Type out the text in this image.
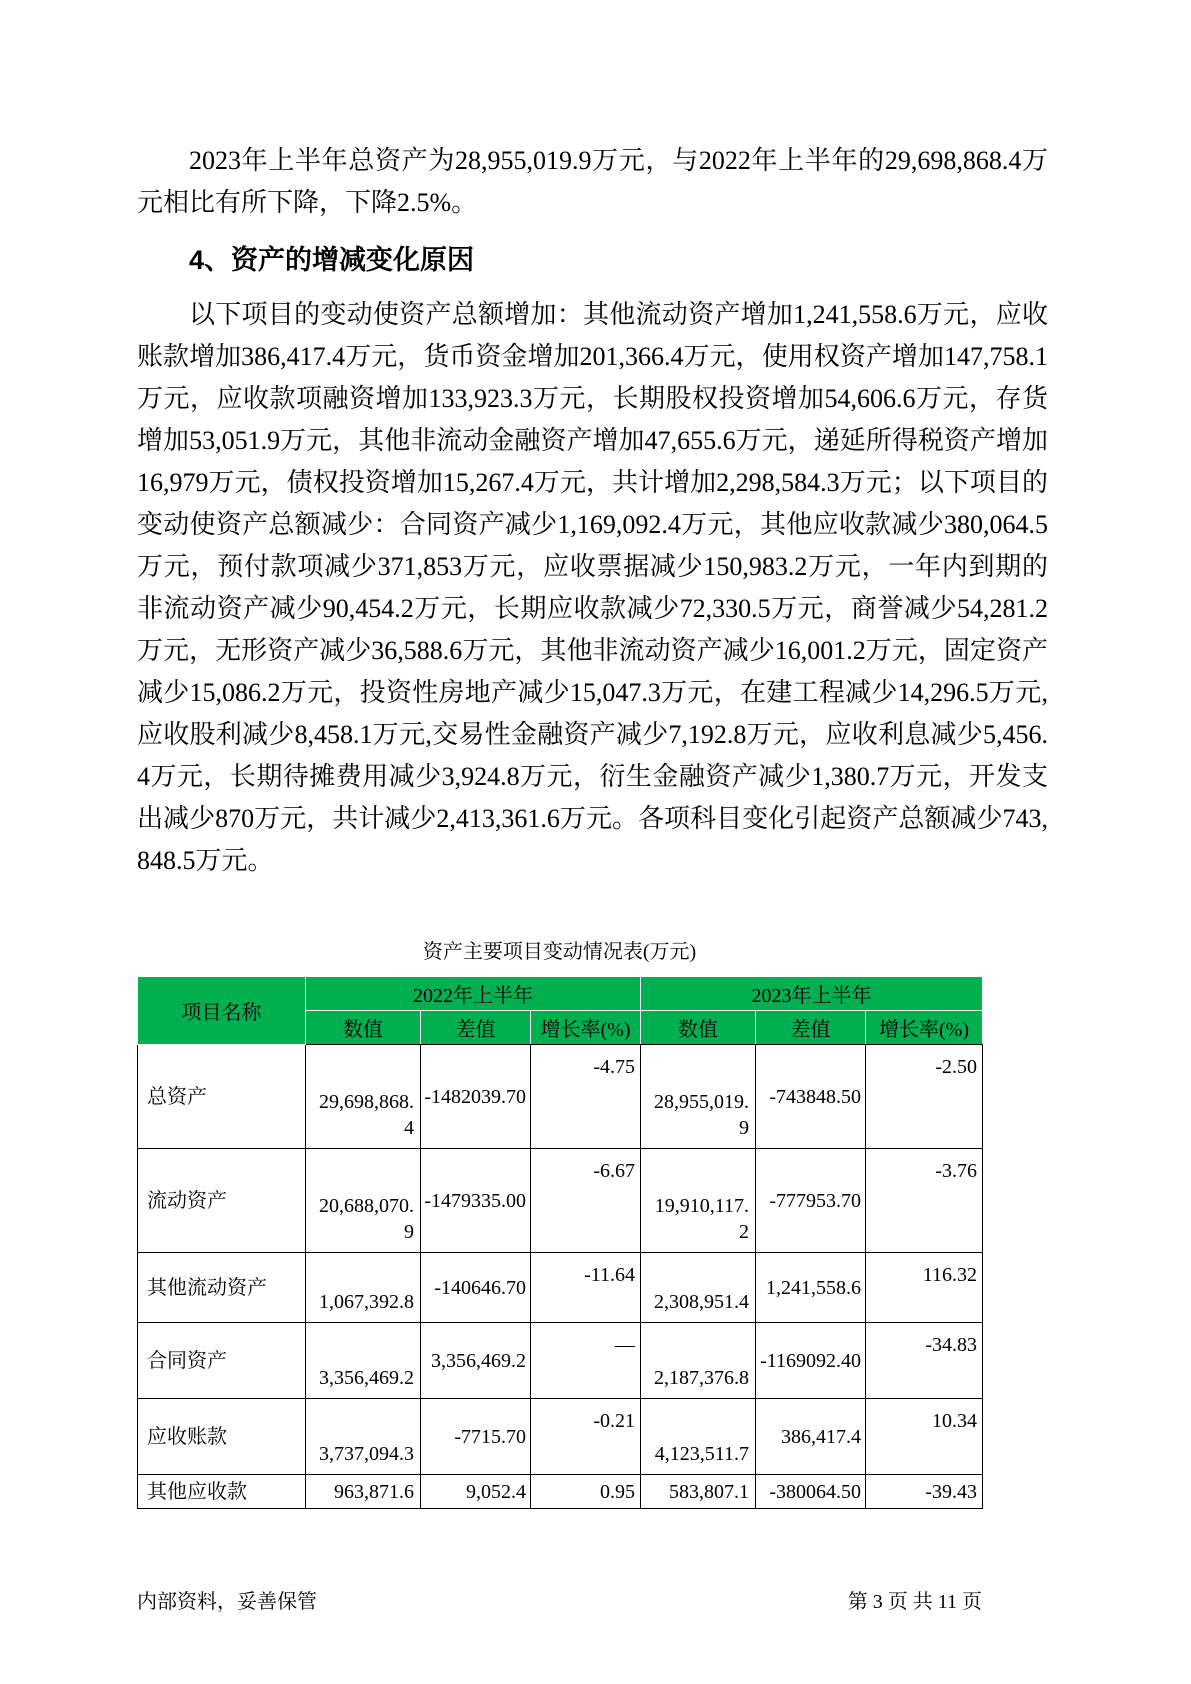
2023年上半年总资产为28,955,019.9万元，与2022年上半年的29,698,868.4万元相比有所下降，下降2.5%。

4、资产的增减变化原因

以下项目的变动使资产总额增加：其他流动资产增加1,241,558.6万元，应收账款增加386,417.4万元，货币资金增加201,366.4万元，使用权资产增加147,758.1万元，应收款项融资增加133,923.3万元，长期股权投资增加54,606.6万元，存货增加53,051.9万元，其他非流动金融资产增加47,655.6万元，递延所得税资产增加16,979万元，债权投资增加15,267.4万元，共计增加2,298,584.3万元；以下项目的变动使资产总额减少：合同资产减少1,169,092.4万元，其他应收款减少380,064.5万元，预付款项减少371,853万元，应收票据减少150,983.2万元，一年内到期的非流动资产减少90,454.2万元，长期应收款减少72,330.5万元，商誉减少54,281.2万元，无形资产减少36,588.6万元，其他非流动资产减少16,001.2万元，固定资产减少15,086.2万元，投资性房地产减少15,047.3万元，在建工程减少14,296.5万元,应收股利减少8,458.1万元,交易性金融资产减少7,192.8万元，应收利息减少5,456.4万元，长期待摊费用减少3,924.8万元，衍生金融资产减少1,380.7万元，开发支出减少870万元，共计减少2,413,361.6万元。各项科目变化引起资产总额减少743,848.5万元。

资产主要项目变动情况表(万元)
项目名称	2022年上半年			2023年上半年		
	数值	差值	增长率(%)	数值	差值	增长率(%)
总资产	29,698,868.4	-1482039.70	-4.75	28,955,019.9	-743848.50	-2.50
流动资产	20,688,070.9	-1479335.00	-6.67	19,910,117.2	-777953.70	-3.76
其他流动资产	1,067,392.8	-140646.70	-11.64	2,308,951.4	1,241,558.6	116.32
合同资产	3,356,469.2	3,356,469.2	—	2,187,376.8	-1169092.40	-34.83
应收账款	3,737,094.3	-7715.70	-0.21	4,123,511.7	386,417.4	10.34
其他应收款	963,871.6	9,052.4	0.95	583,807.1	-380064.50	-39.43
内部资料，妥善保管	第 3 页 共 11 页
